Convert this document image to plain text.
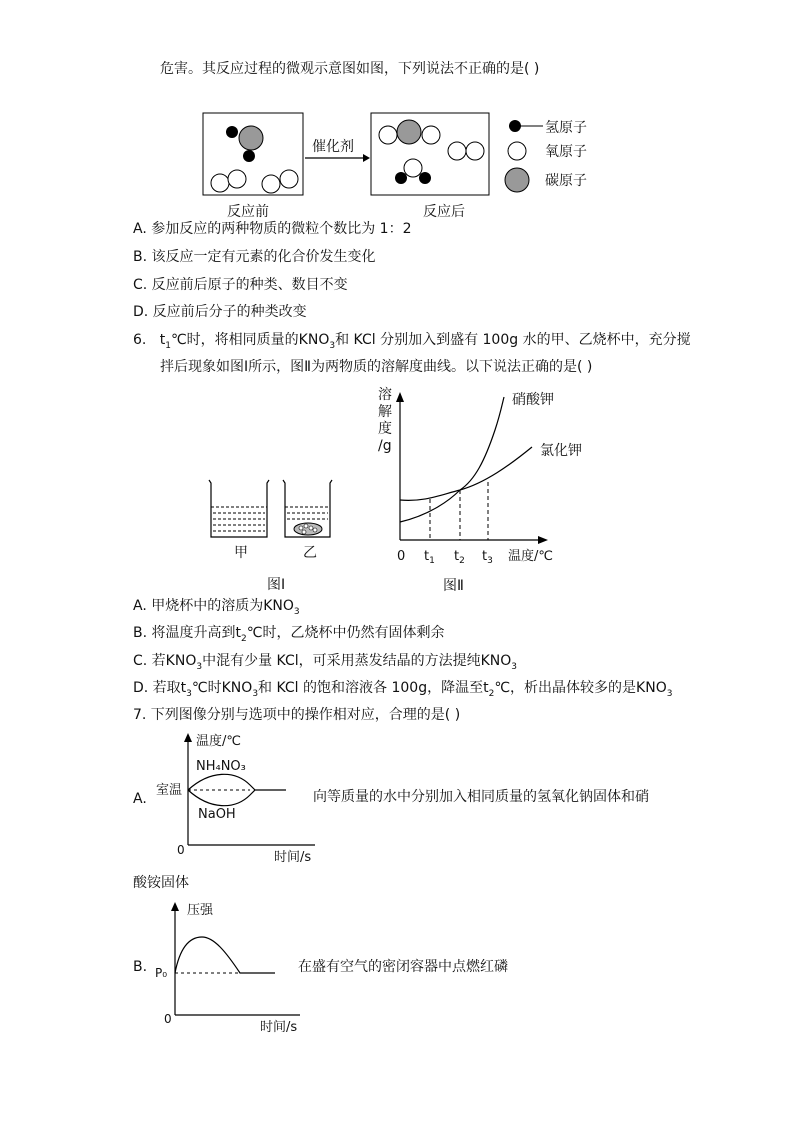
危害。其反应过程的微观示意图如图，下列说法不正确的是( )
催化剂
反应前	反应后
氢原子
氧原子
碳原子
A. 参加反应的两种物质的微粒个数比为 1：2
B. 该反应一定有元素的化合价发生变化
C. 反应前后原子的种类、数目不变
D. 反应前后分子的种类改变
6. $t_1℃$时，将相同质量的$KNO_3$和 KCl 分别加入到盛有 100g 水的甲、乙烧杯中，充分搅
拌后现象如图Ⅰ所示，图Ⅱ为两物质的溶解度曲线。以下说法正确的是( )
甲	乙
图Ⅰ
溶
解
度
/g
0 $t_1$ $t_2$ $t_3$ 温度/℃
硝酸钾
氯化钾
图Ⅱ
A. 甲烧杯中的溶质为$KNO_3$
B. 将温度升高到$t_2℃$时，乙烧杯中仍然有固体剩余
C. 若$KNO_3$中混有少量 KCl，可采用蒸发结晶的方法提纯$KNO_3$
D. 若取$t_3℃$时$KNO_3$和 KCl 的饱和溶液各 100g，降温至$t_2℃$，析出晶体较多的是$KNO_3$
7. 下列图像分别与选项中的操作相对应，合理的是( )
A.
温度/℃
NH₄NO₃
室温
NaOH
0	时间/s
向等质量的水中分别加入相同质量的氢氧化钠固体和硝
酸铵固体
B.
压强
P₀
0
时间/s
在盛有空气的密闭容器中点燃红磷
